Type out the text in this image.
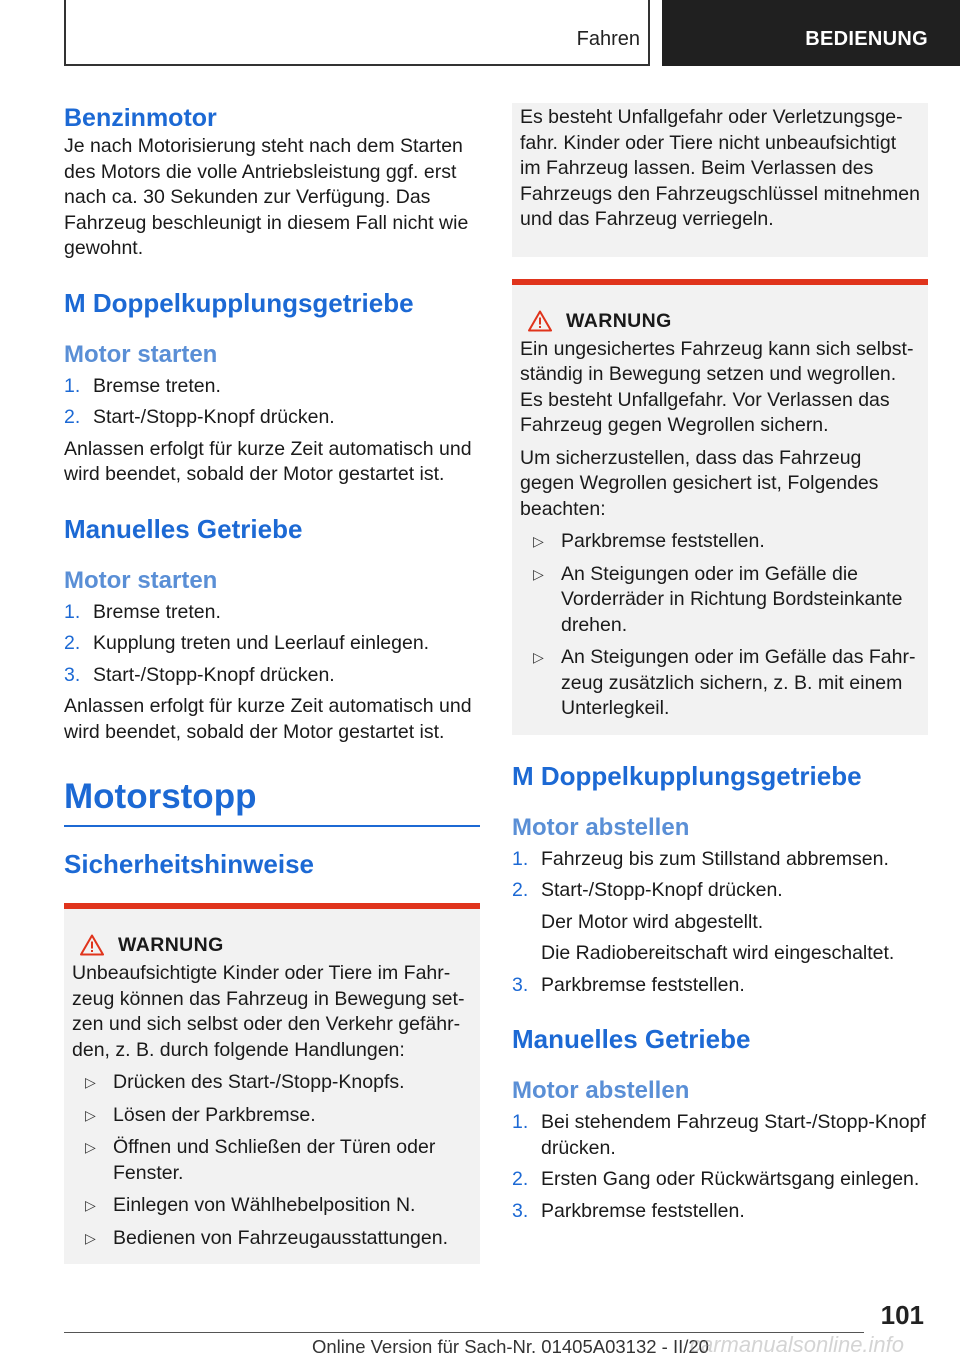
Fahren	BEDIENUNG
Benzinmotor

Je nach Motorisierung steht nach dem Starten des Motors die volle Antriebsleistung ggf. erst nach ca. 30 Sekunden zur Verfügung. Das Fahrzeug beschleunigt in diesem Fall nicht wie gewohnt.

M Doppelkupplungsgetriebe
Motor starten
1. Bremse treten.
2. Start-/Stopp-Knopf drücken.

Anlassen erfolgt für kurze Zeit automatisch und wird beendet, sobald der Motor gestartet ist.

Manuelles Getriebe
Motor starten
1. Bremse treten.
2. Kupplung treten und Leerlauf einlegen.
3. Start-/Stopp-Knopf drücken.

Anlassen erfolgt für kurze Zeit automatisch und wird beendet, sobald der Motor gestartet ist.

Motorstopp
Sicherheitshinweise
WARNUNG

Unbeaufsichtigte Kinder oder Tiere im Fahrzeug können das Fahrzeug in Bewegung setzen und sich selbst oder den Verkehr gefährden, z. B. durch folgende Handlungen:

▷ Drücken des Start-/Stopp-Knopfs.
▷ Lösen der Parkbremse.
▷ Öffnen und Schließen der Türen oder Fenster.
▷ Einlegen von Wählhebelposition N.
▷ Bedienen von Fahrzeugausstattungen.

Es besteht Unfallgefahr oder Verletzungsgefahr. Kinder oder Tiere nicht unbeaufsichtigt im Fahrzeug lassen. Beim Verlassen des Fahrzeugs den Fahrzeugschlüssel mitnehmen und das Fahrzeug verriegeln.

WARNUNG

Ein ungesichertes Fahrzeug kann sich selbstständig in Bewegung setzen und wegrollen. Es besteht Unfallgefahr. Vor Verlassen das Fahrzeug gegen Wegrollen sichern.

Um sicherzustellen, dass das Fahrzeug gegen Wegrollen gesichert ist, Folgendes beachten:

▷ Parkbremse feststellen.
▷ An Steigungen oder im Gefälle die Vorderräder in Richtung Bordsteinkante drehen.
▷ An Steigungen oder im Gefälle das Fahrzeug zusätzlich sichern, z. B. mit einem Unterlegkeil.
M Doppelkupplungsgetriebe
Motor abstellen
1. Fahrzeug bis zum Stillstand abbremsen.
2. Start-/Stopp-Knopf drücken.
Der Motor wird abgestellt.
Die Radiobereitschaft wird eingeschaltet.
3. Parkbremse feststellen.
Manuelles Getriebe
Motor abstellen
1. Bei stehendem Fahrzeug Start-/Stopp-Knopf drücken.
2. Ersten Gang oder Rückwärtsgang einlegen.
3. Parkbremse feststellen.
101
Online Version für Sach-Nr. 01405A03132 - II/20
carmanualsonline.info
